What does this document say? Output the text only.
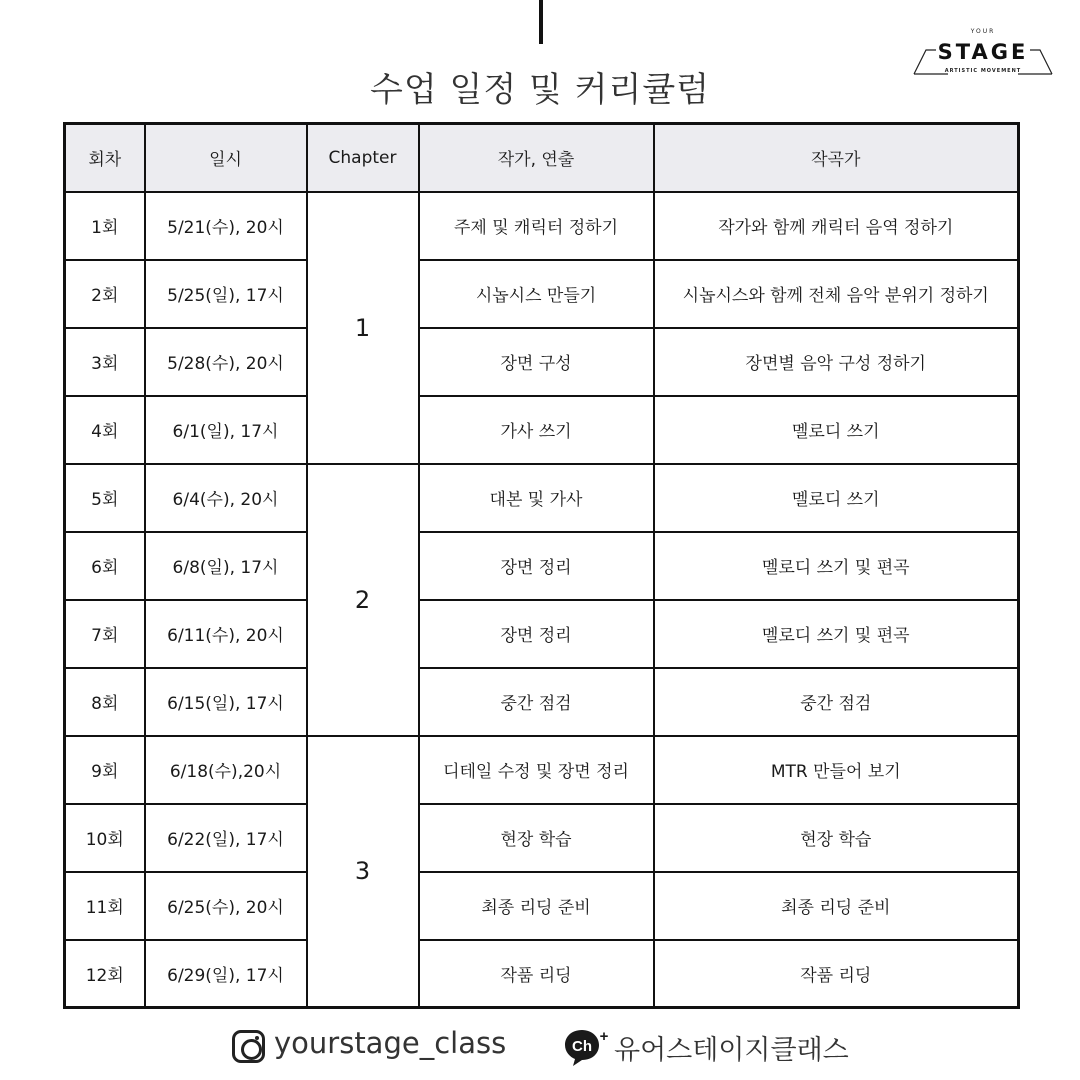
수업 일정 및 커리큘럼
YOUR
STAGE
ARTISTIC MOVEMENT
회차	일시	Chapter	작가, 연출	작곡가
1회	5/21(수), 20시	1	주제 및 캐릭터 정하기	작가와 함께 캐릭터 음역 정하기
2회	5/25(일), 17시		시놉시스 만들기	시놉시스와 함께 전체 음악 분위기 정하기
3회	5/28(수), 20시		장면 구성	장면별 음악 구성 정하기
4회	6/1(일), 17시		가사 쓰기	멜로디 쓰기
5회	6/4(수), 20시	2	대본 및 가사	멜로디 쓰기
6회	6/8(일), 17시		장면 정리	멜로디 쓰기 및 편곡
7회	6/11(수), 20시		장면 정리	멜로디 쓰기 및 편곡
8회	6/15(일), 17시		중간 점검	중간 점검
9회	6/18(수),20시	3	디테일 수정 및 장면 정리	MTR 만들어 보기
10회	6/22(일), 17시		현장 학습	현장 학습
11회	6/25(수), 20시		최종 리딩 준비	최종 리딩 준비
12회	6/29(일), 17시		작품 리딩	작품 리딩
yourstage_class	Ch
+ 유어스테이지클래스
